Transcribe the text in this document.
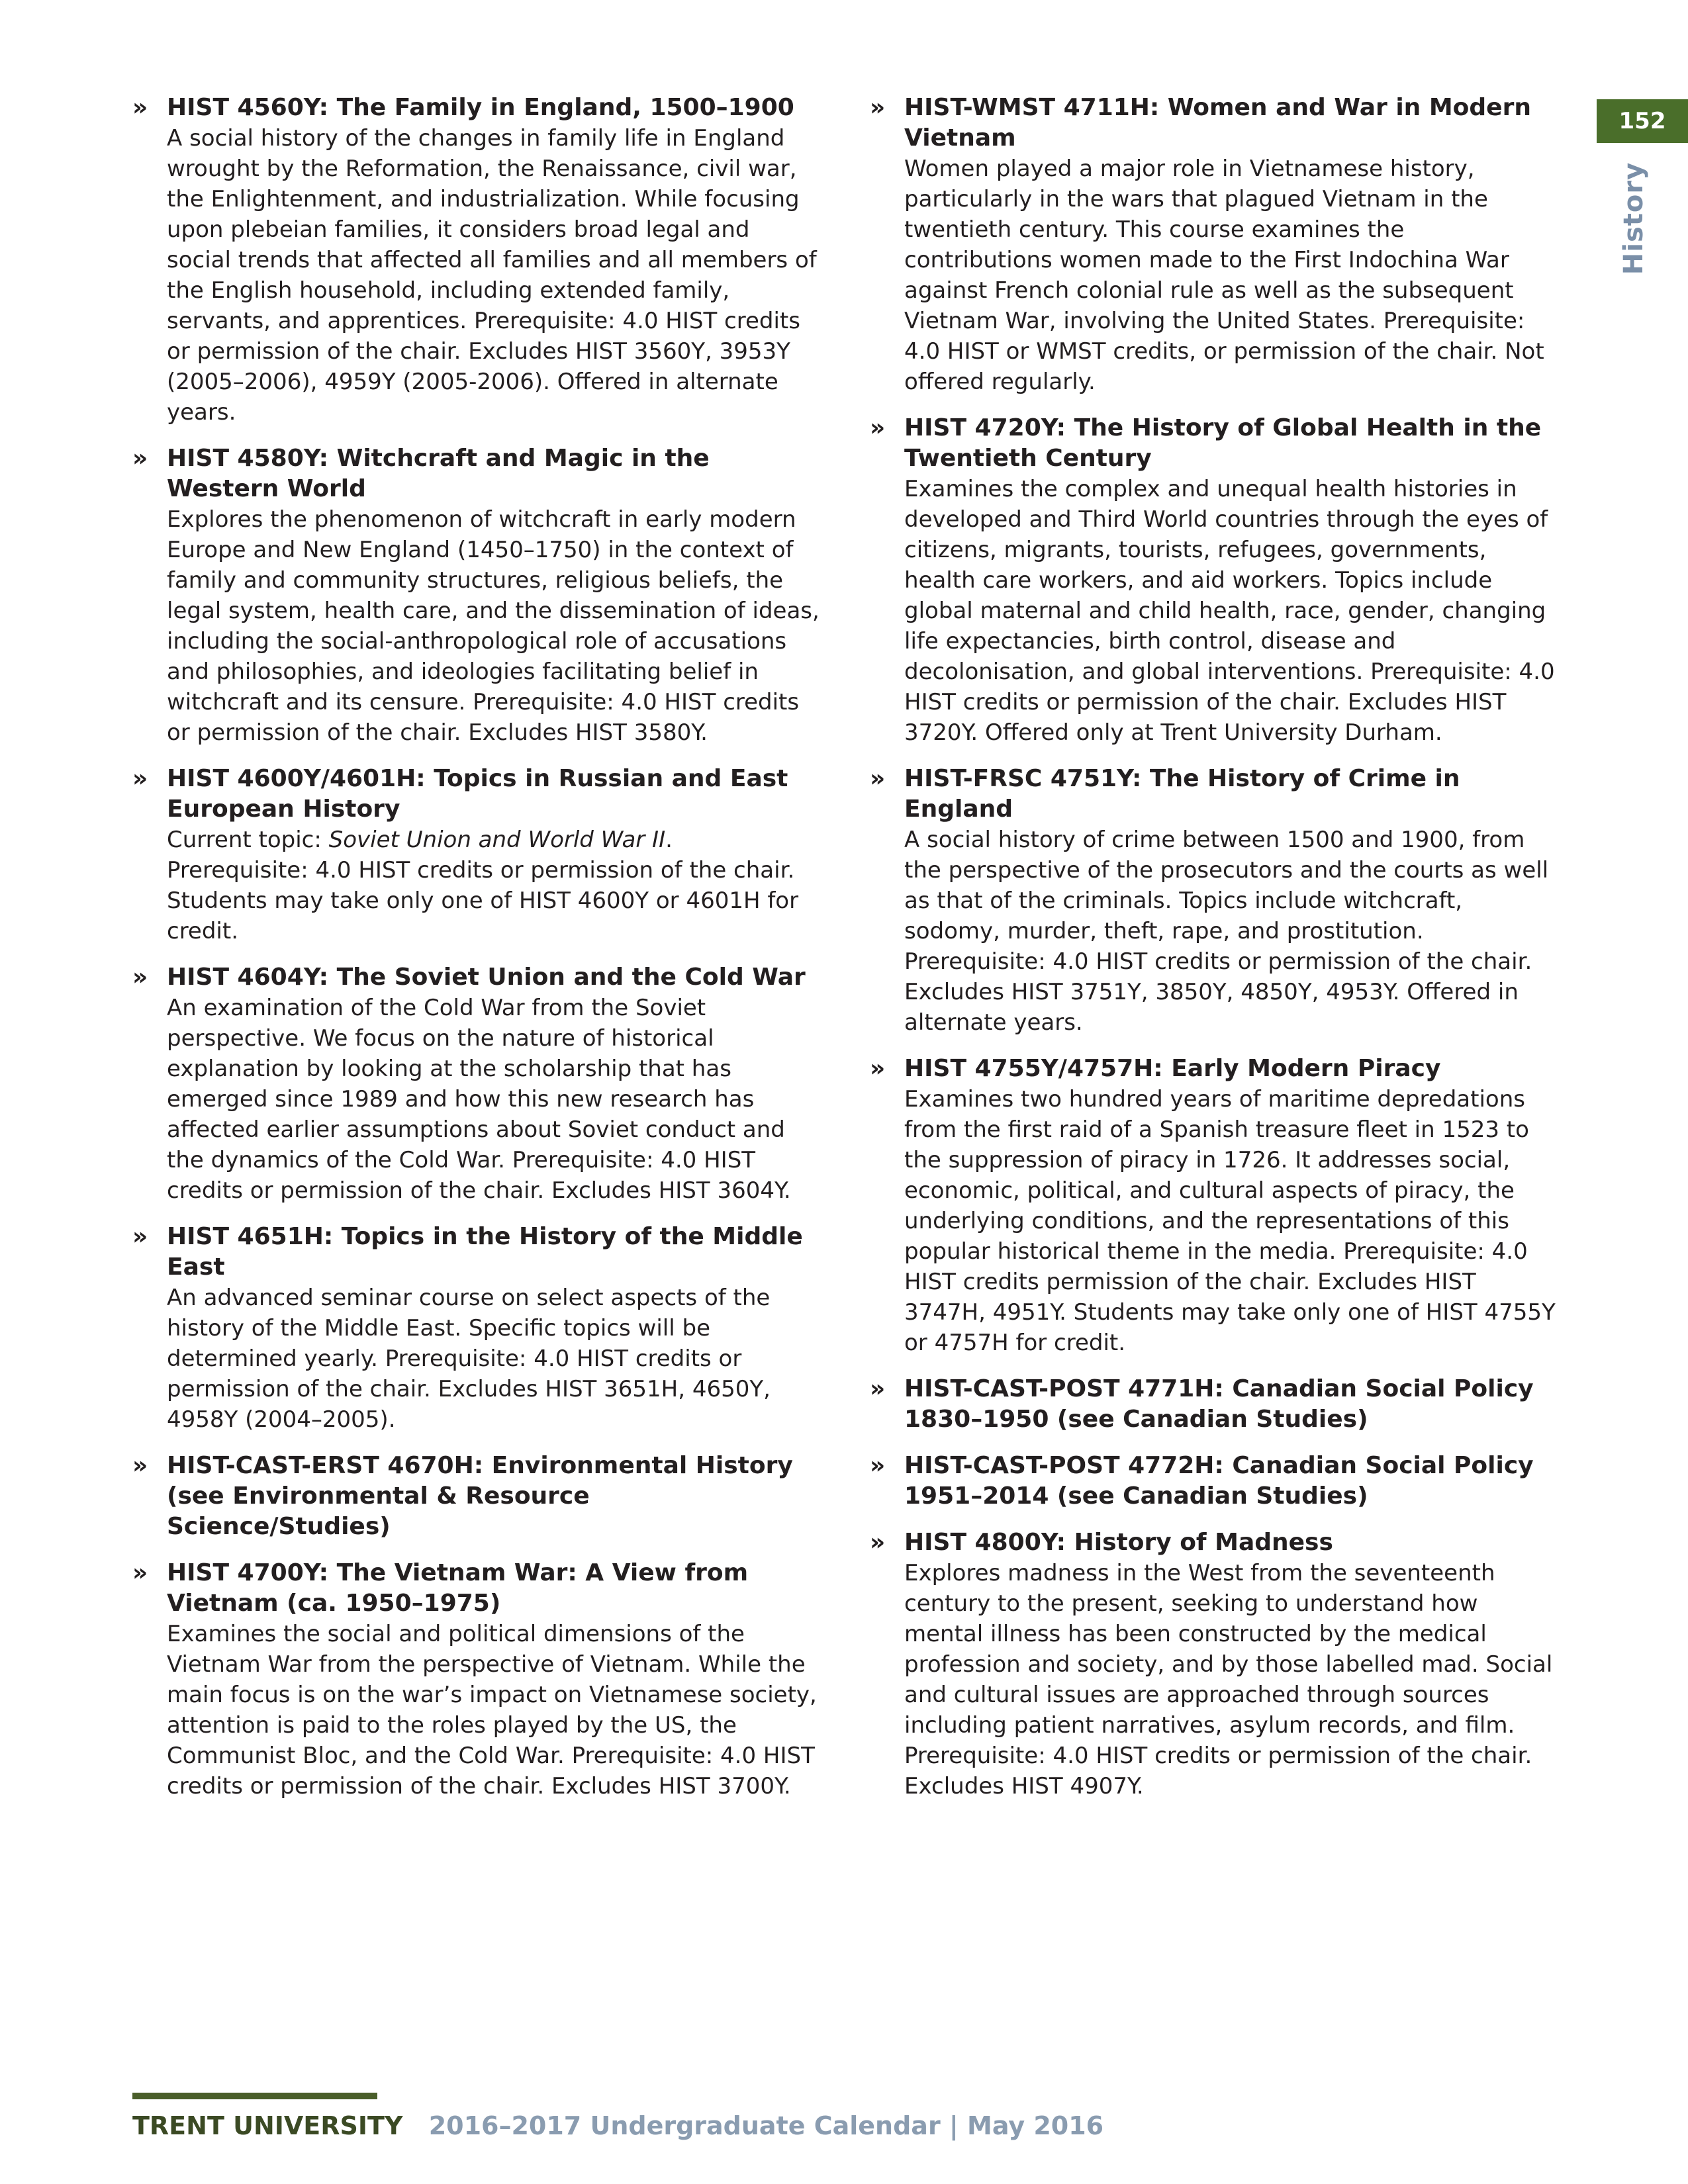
152
History
» HIST 4560Y: The Family in England, 1500–1900
A social history of the changes in family life in England wrought by the Reformation, the Renaissance, civil war, the Enlightenment, and industrialization. While focusing upon plebeian families, it considers broad legal and social trends that affected all families and all members of the English household, including extended family, servants, and apprentices. Prerequisite: 4.0 HIST credits or permission of the chair. Excludes HIST 3560Y, 3953Y (2005–2006), 4959Y (2005-2006). Offered in alternate years.
» HIST 4580Y: Witchcraft and Magic in the Western World
Explores the phenomenon of witchcraft in early modern Europe and New England (1450–1750) in the context of family and community structures, religious beliefs, the legal system, health care, and the dissemination of ideas, including the social-anthropological role of accusations and philosophies, and ideologies facilitating belief in witchcraft and its censure. Prerequisite: 4.0 HIST credits or permission of the chair. Excludes HIST 3580Y.
» HIST 4600Y/4601H: Topics in Russian and East European History
Current topic: Soviet Union and World War II.
Prerequisite: 4.0 HIST credits or permission of the chair. Students may take only one of HIST 4600Y or 4601H for credit.
» HIST 4604Y: The Soviet Union and the Cold War
An examination of the Cold War from the Soviet perspective. We focus on the nature of historical explanation by looking at the scholarship that has emerged since 1989 and how this new research has affected earlier assumptions about Soviet conduct and the dynamics of the Cold War. Prerequisite: 4.0 HIST credits or permission of the chair. Excludes HIST 3604Y.
» HIST 4651H: Topics in the History of the Middle East
An advanced seminar course on select aspects of the history of the Middle East. Specific topics will be determined yearly. Prerequisite: 4.0 HIST credits or permission of the chair. Excludes HIST 3651H, 4650Y, 4958Y (2004–2005).
» HIST-CAST-ERST 4670H: Environmental History (see Environmental & Resource Science/Studies)
» HIST 4700Y: The Vietnam War: A View from Vietnam (ca. 1950–1975)
Examines the social and political dimensions of the Vietnam War from the perspective of Vietnam. While the main focus is on the war’s impact on Vietnamese society, attention is paid to the roles played by the US, the Communist Bloc, and the Cold War. Prerequisite: 4.0 HIST credits or permission of the chair. Excludes HIST 3700Y.
» HIST-WMST 4711H: Women and War in Modern Vietnam
Women played a major role in Vietnamese history, particularly in the wars that plagued Vietnam in the twentieth century. This course examines the contributions women made to the First Indochina War against French colonial rule as well as the subsequent Vietnam War, involving the United States. Prerequisite: 4.0 HIST or WMST credits, or permission of the chair. Not offered regularly.
» HIST 4720Y: The History of Global Health in the Twentieth Century
Examines the complex and unequal health histories in developed and Third World countries through the eyes of citizens, migrants, tourists, refugees, governments, health care workers, and aid workers. Topics include global maternal and child health, race, gender, changing life expectancies, birth control, disease and decolonisation, and global interventions. Prerequisite: 4.0 HIST credits or permission of the chair. Excludes HIST 3720Y. Offered only at Trent University Durham.
» HIST-FRSC 4751Y: The History of Crime in England
A social history of crime between 1500 and 1900, from the perspective of the prosecutors and the courts as well as that of the criminals. Topics include witchcraft, sodomy, murder, theft, rape, and prostitution. Prerequisite: 4.0 HIST credits or permission of the chair. Excludes HIST 3751Y, 3850Y, 4850Y, 4953Y. Offered in alternate years.
» HIST 4755Y/4757H: Early Modern Piracy
Examines two hundred years of maritime depredations from the first raid of a Spanish treasure fleet in 1523 to the suppression of piracy in 1726. It addresses social, economic, political, and cultural aspects of piracy, the underlying conditions, and the representations of this popular historical theme in the media. Prerequisite: 4.0 HIST credits permission of the chair. Excludes HIST 3747H, 4951Y. Students may take only one of HIST 4755Y or 4757H for credit.
» HIST-CAST-POST 4771H: Canadian Social Policy 1830–1950 (see Canadian Studies)
» HIST-CAST-POST 4772H: Canadian Social Policy 1951–2014 (see Canadian Studies)
» HIST 4800Y: History of Madness
Explores madness in the West from the seventeenth century to the present, seeking to understand how mental illness has been constructed by the medical profession and society, and by those labelled mad. Social and cultural issues are approached through sources including patient narratives, asylum records, and film. Prerequisite: 4.0 HIST credits or permission of the chair. Excludes HIST 4907Y.
TRENT UNIVERSITY 2016–2017 Undergraduate Calendar | May 2016
